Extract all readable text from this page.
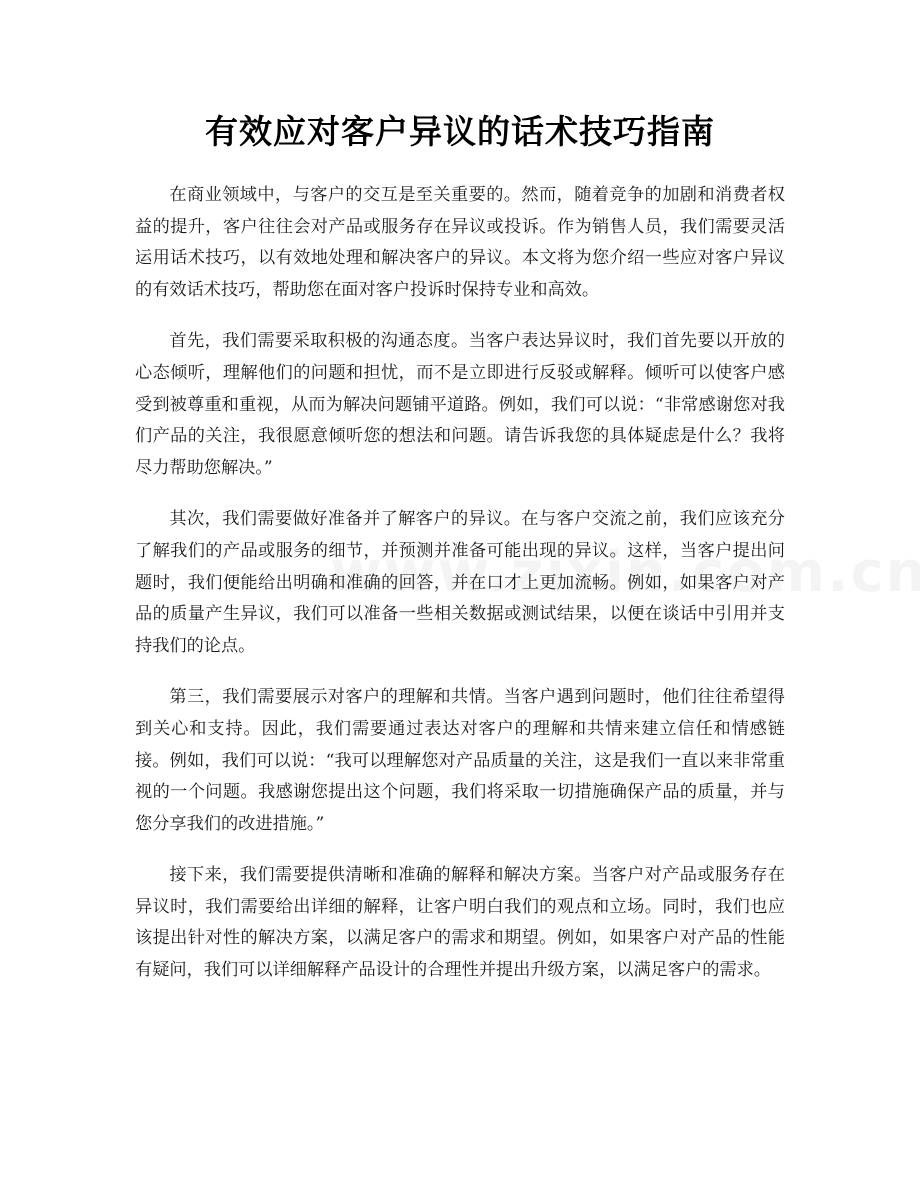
有效应对客户异议的话术技巧指南

在商业领域中，与客户的交互是至关重要的。然而，随着竞争的加剧和消费者权益的提升，客户往往会对产品或服务存在异议或投诉。作为销售人员，我们需要灵活运用话术技巧，以有效地处理和解决客户的异议。本文将为您介绍一些应对客户异议的有效话术技巧，帮助您在面对客户投诉时保持专业和高效。

首先，我们需要采取积极的沟通态度。当客户表达异议时，我们首先要以开放的心态倾听，理解他们的问题和担忧，而不是立即进行反驳或解释。倾听可以使客户感受到被尊重和重视，从而为解决问题铺平道路。例如，我们可以说：“非常感谢您对我们产品的关注，我很愿意倾听您的想法和问题。请告诉我您的具体疑虑是什么？我将尽力帮助您解决。”

其次，我们需要做好准备并了解客户的异议。在与客户交流之前，我们应该充分了解我们的产品或服务的细节，并预测并准备可能出现的异议。这样，当客户提出问题时，我们便能给出明确和准确的回答，并在口才上更加流畅。例如，如果客户对产品的质量产生异议，我们可以准备一些相关数据或测试结果，以便在谈话中引用并支持我们的论点。

第三，我们需要展示对客户的理解和共情。当客户遇到问题时，他们往往希望得到关心和支持。因此，我们需要通过表达对客户的理解和共情来建立信任和情感链接。例如，我们可以说：“我可以理解您对产品质量的关注，这是我们一直以来非常重视的一个问题。我感谢您提出这个问题，我们将采取一切措施确保产品的质量，并与您分享我们的改进措施。”

接下来，我们需要提供清晰和准确的解释和解决方案。当客户对产品或服务存在异议时，我们需要给出详细的解释，让客户明白我们的观点和立场。同时，我们也应该提出针对性的解决方案，以满足客户的需求和期望。例如，如果客户对产品的性能有疑问，我们可以详细解释产品设计的合理性并提出升级方案，以满足客户的需求。
